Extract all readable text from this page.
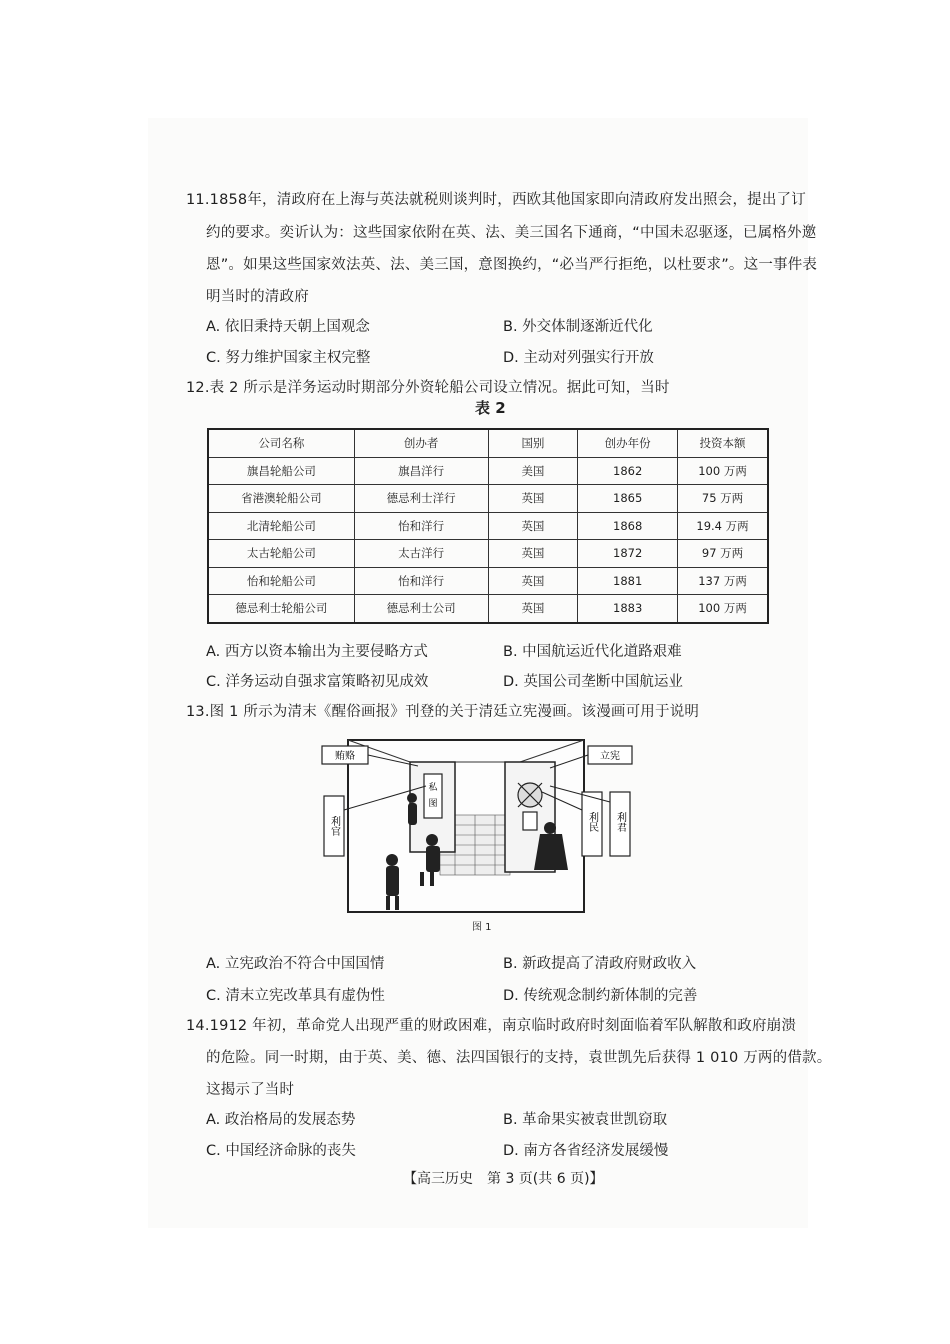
11.1858年，清政府在上海与英法就税则谈判时，西欧其他国家即向清政府发出照会，提出了订
约的要求。奕䜣认为：这些国家依附在英、法、美三国名下通商，“中国未忍驱逐，已属格外邀
恩”。如果这些国家效法英、法、美三国，意图换约，“必当严行拒绝，以杜要求”。这一事件表
明当时的清政府
A. 依旧秉持天朝上国观念	B. 外交体制逐渐近代化
C. 努力维护国家主权完整	D. 主动对列强实行开放
12.表 2 所示是洋务运动时期部分外资轮船公司设立情况。据此可知，当时
表 2
公司名称	创办者	国别	创办年份	投资本额
旗昌轮船公司	旗昌洋行	美国	1862	100 万两
省港澳轮船公司	德忌利士洋行	英国	1865	75 万两
北清轮船公司	怡和洋行	英国	1868	19.4 万两
太古轮船公司	太古洋行	英国	1872	97 万两
怡和轮船公司	怡和洋行	英国	1881	137 万两
德忌利士轮船公司	德忌利士公司	英国	1883	100 万两
A. 西方以资本输出为主要侵略方式	B. 中国航运近代化道路艰难
C. 洋务运动自强求富策略初见成效	D. 英国公司垄断中国航运业
13.图 1 所示为清末《醒俗画报》刊登的关于清廷立宪漫画。该漫画可用于说明
私
图
贿赂	立宪
利官	利民 利君
图 1
A. 立宪政治不符合中国国情	B. 新政提高了清政府财政收入
C. 清末立宪改革具有虚伪性	D. 传统观念制约新体制的完善
14.1912 年初，革命党人出现严重的财政困难，南京临时政府时刻面临着军队解散和政府崩溃
的危险。同一时期，由于英、美、德、法四国银行的支持，袁世凯先后获得 1 010 万两的借款。
这揭示了当时
A. 政治格局的发展态势	B. 革命果实被袁世凯窃取
C. 中国经济命脉的丧失	D. 南方各省经济发展缓慢
【高三历史　第 3 页(共 6 页)】
